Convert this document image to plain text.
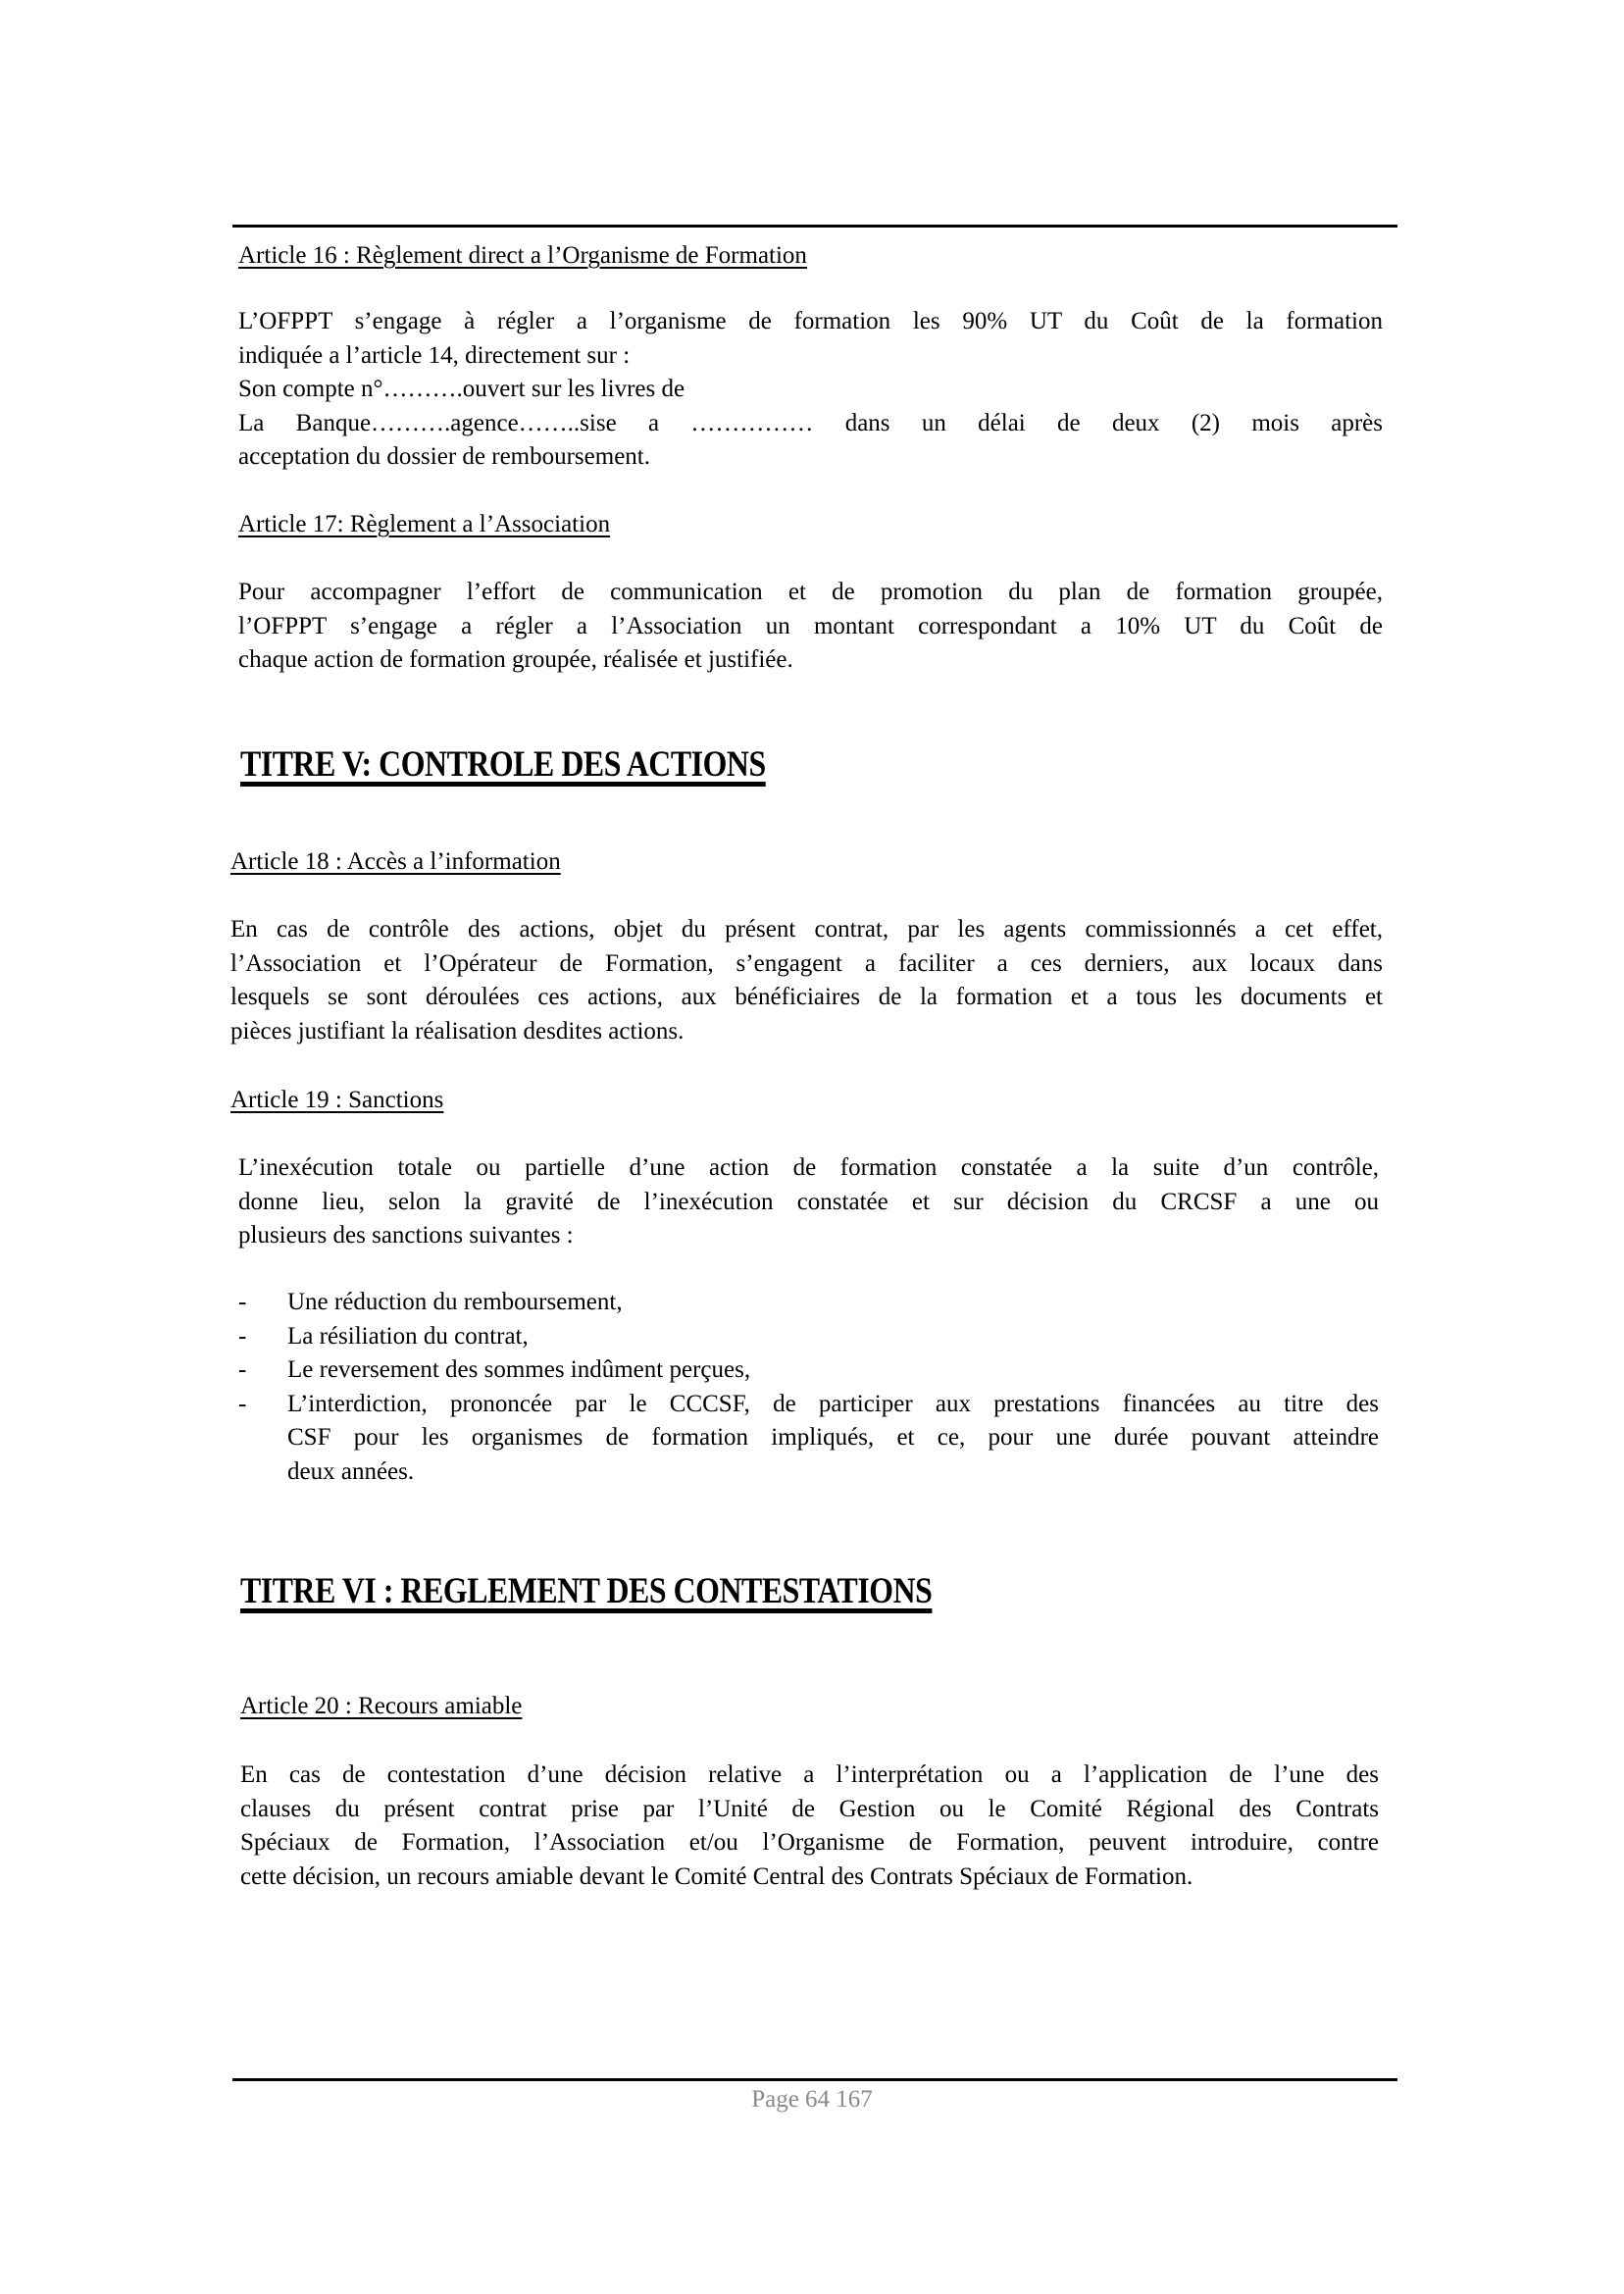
Article 16 : Règlement direct a l’Organisme de Formation
L’OFPPT s’engage à régler a l’organisme de formation les 90% UT du Coût de la formation
indiquée a l’article 14, directement sur :
Son compte n°……….ouvert sur les livres de
La Banque……….agence……..sise a …………… dans un délai de deux (2) mois après
acceptation du dossier de remboursement.
Article 17: Règlement a l’Association
Pour accompagner l’effort de communication et de promotion du plan de formation groupée,
l’OFPPT s’engage a régler a l’Association un montant correspondant a 10% UT du Coût de
chaque action de formation groupée, réalisée et justifiée.
TITRE V: CONTROLE DES ACTIONS
Article 18 : Accès a l’information
En cas de contrôle des actions, objet du présent contrat, par les agents commissionnés a cet effet,
l’Association et l’Opérateur de Formation, s’engagent a faciliter a ces derniers, aux locaux dans
lesquels se sont déroulées ces actions, aux bénéficiaires de la formation et a tous les documents et
pièces justifiant la réalisation desdites actions.
Article 19 : Sanctions
L’inexécution totale ou partielle d’une action de formation constatée a la suite d’un contrôle,
donne lieu, selon la gravité de l’inexécution constatée et sur décision du CRCSF a une ou
plusieurs des sanctions suivantes :
- Une réduction du remboursement,
- La résiliation du contrat,
- Le reversement des sommes indûment perçues,
- L’interdiction, prononcée par le CCCSF, de participer aux prestations financées au titre des
CSF pour les organismes de formation impliqués, et ce, pour une durée pouvant atteindre
deux années.
TITRE VI : REGLEMENT DES CONTESTATIONS
Article 20 : Recours amiable
En cas de contestation d’une décision relative a l’interprétation ou a l’application de l’une des
clauses du présent contrat prise par l’Unité de Gestion ou le Comité Régional des Contrats
Spéciaux de Formation, l’Association et/ou l’Organisme de Formation, peuvent introduire, contre
cette décision, un recours amiable devant le Comité Central des Contrats Spéciaux de Formation.
Page 64 167
